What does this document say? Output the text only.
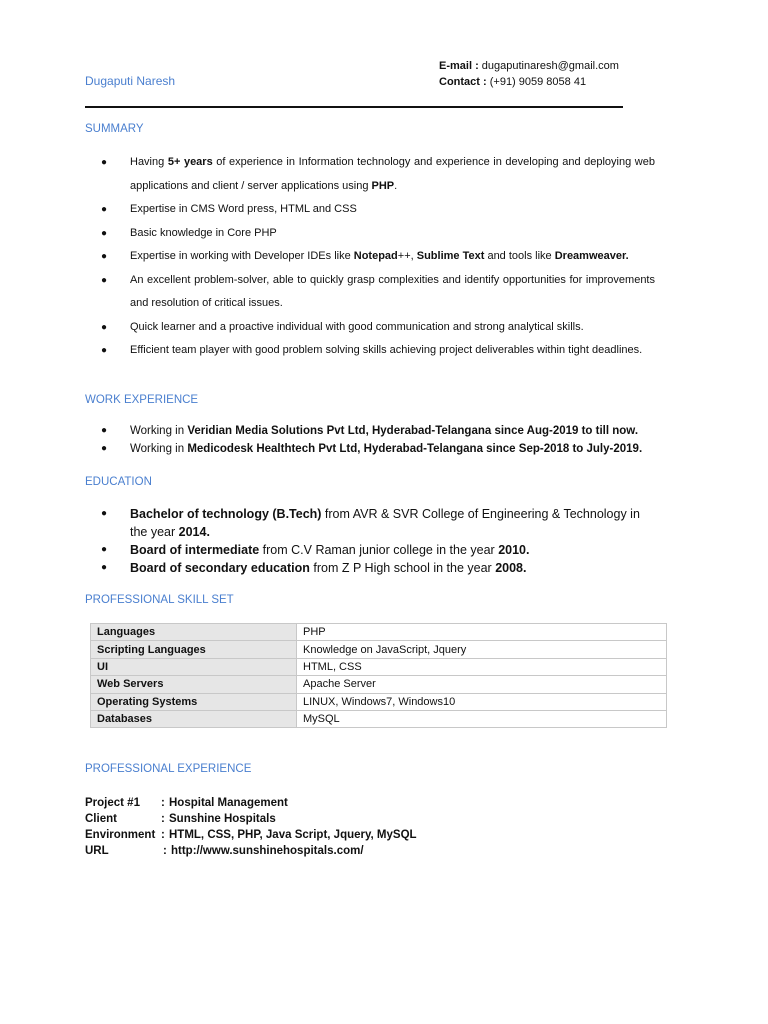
Dugaputi Naresh
E-mail : dugaputinaresh@gmail.com
Contact : (+91) 9059 8058 41
SUMMARY
● Having 5+ years of experience in Information technology and experience in developing and deploying web applications and client / server applications using PHP.
● Expertise in CMS Word press, HTML and CSS
● Basic knowledge in Core PHP
● Expertise in working with Developer IDEs like Notepad++, Sublime Text and tools like Dreamweaver.
● An excellent problem-solver, able to quickly grasp complexities and identify opportunities for improvements and resolution of critical issues.
● Quick learner and a proactive individual with good communication and strong analytical skills.
● Efficient team player with good problem solving skills achieving project deliverables within tight deadlines.
WORK EXPERIENCE
● Working in Veridian Media Solutions Pvt Ltd, Hyderabad-Telangana since Aug-2019 to till now.
● Working in Medicodesk Healthtech Pvt Ltd, Hyderabad-Telangana since Sep-2018 to July-2019.
EDUCATION
● Bachelor of technology (B.Tech) from AVR & SVR College of Engineering & Technology in the year 2014.
● Board of intermediate from C.V Raman junior college in the year 2010.
● Board of secondary education from Z P High school in the year 2008.
PROFESSIONAL SKILL SET
Languages	PHP
Scripting Languages	Knowledge on JavaScript, Jquery
UI	HTML, CSS
Web Servers	Apache Server
Operating Systems	LINUX, Windows7, Windows10
Databases	MySQL
PROFESSIONAL EXPERIENCE
Project #1	: Hospital Management
Client	: Sunshine Hospitals
Environment : HTML, CSS, PHP, Java Script, Jquery, MySQL
URL	: http://www.sunshinehospitals.com/
